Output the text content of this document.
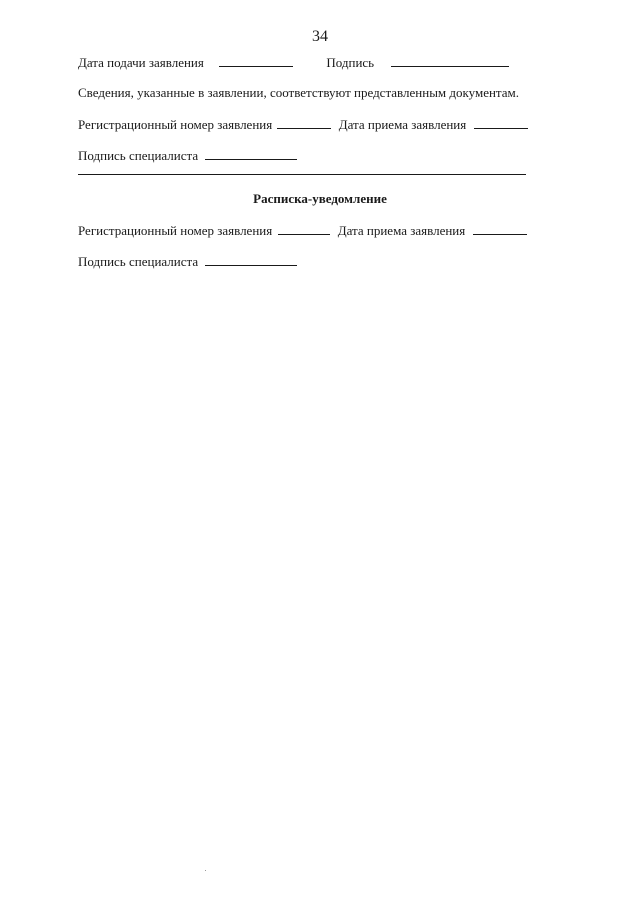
34
Дата подачи заявления	Подпись
Сведения, указанные в заявлении, соответствуют представленным документам.
Регистрационный номер заявления	Дата приема заявления
Подпись специалиста
Расписка-уведомление
Регистрационный номер заявления	Дата приема заявления
Подпись специалиста
